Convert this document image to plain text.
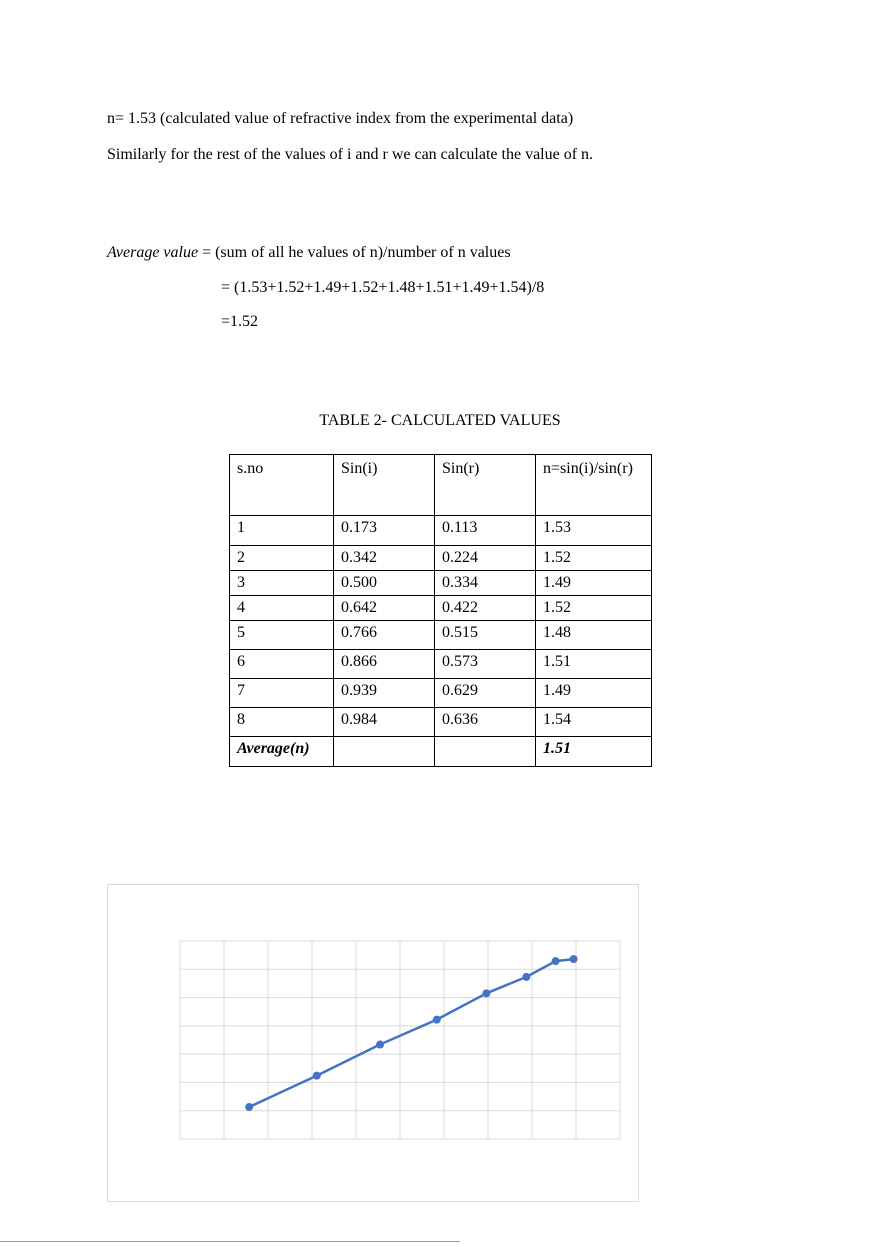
n= 1.53 (calculated value of refractive index from the experimental data)
Similarly for the rest of the values of i and r we can calculate the value of n.
Average value = (sum of all he values of n)/number of n values
= (1.53+1.52+1.49+1.52+1.48+1.51+1.49+1.54)/8
=1.52
TABLE 2- CALCULATED VALUES
s.no	Sin(i)	Sin(r)	n=sin(i)/sin(r)
1	0.173	0.113	1.53
2	0.342	0.224	1.52
3	0.500	0.334	1.49
4	0.642	0.422	1.52
5	0.766	0.515	1.48
6	0.866	0.573	1.51
7	0.939	0.629	1.49
8	0.984	0.636	1.54
Average(n)			1.51
